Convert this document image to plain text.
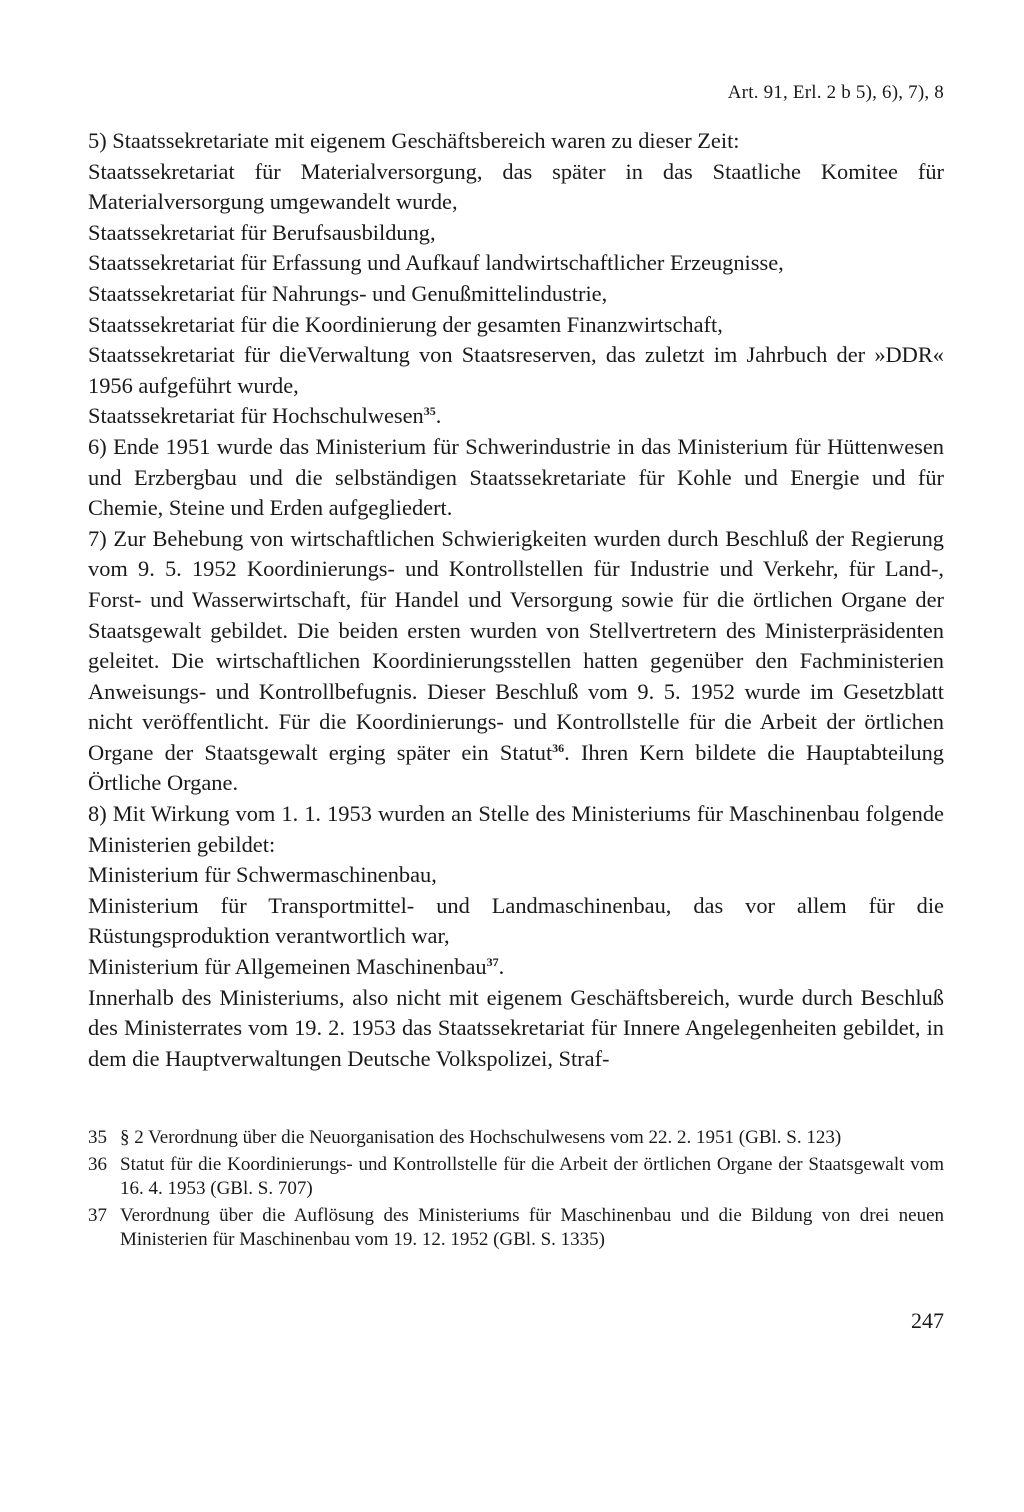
Art. 91, Erl. 2 b 5), 6), 7), 8

5) Staatssekretariate mit eigenem Geschäftsbereich waren zu dieser Zeit:

Staatssekretariat für Materialversorgung, das später in das Staatliche Komitee für Materialversorgung umgewandelt wurde,

Staatssekretariat für Berufsausbildung,

Staatssekretariat für Erfassung und Aufkauf landwirtschaftlicher Erzeugnisse,

Staatssekretariat für Nahrungs- und Genußmittelindustrie,

Staatssekretariat für die Koordinierung der gesamten Finanzwirtschaft,

Staatssekretariat für dieVerwaltung von Staatsreserven, das zuletzt im Jahrbuch der »DDR« 1956 aufgeführt wurde,

Staatssekretariat für Hochschulwesen$^{35}$.

6) Ende 1951 wurde das Ministerium für Schwerindustrie in das Ministerium für Hüttenwesen und Erzbergbau und die selbständigen Staatssekretariate für Kohle und Energie und für Chemie, Steine und Erden aufgegliedert.

7) Zur Behebung von wirtschaftlichen Schwierigkeiten wurden durch Beschluß der Regierung vom 9. 5. 1952 Koordinierungs- und Kontrollstellen für Industrie und Verkehr, für Land-, Forst- und Wasserwirtschaft, für Handel und Versorgung sowie für die örtlichen Organe der Staatsgewalt gebildet. Die beiden ersten wurden von Stellvertretern des Ministerpräsidenten geleitet. Die wirtschaftlichen Koordinierungsstellen hatten gegenüber den Fachministerien Anweisungs- und Kontrollbefugnis. Dieser Beschluß vom 9. 5. 1952 wurde im Gesetzblatt nicht veröffentlicht. Für die Koordinierungs- und Kontrollstelle für die Arbeit der örtlichen Organe der Staatsgewalt erging später ein Statut$^{36}$. Ihren Kern bildete die Hauptabteilung Örtliche Organe.

8) Mit Wirkung vom 1. 1. 1953 wurden an Stelle des Ministeriums für Maschinenbau folgende Ministerien gebildet:

Ministerium für Schwermaschinenbau,

Ministerium für Transportmittel- und Landmaschinenbau, das vor allem für die Rüstungsproduktion verantwortlich war,

Ministerium für Allgemeinen Maschinenbau$^{37}$.

Innerhalb des Ministeriums, also nicht mit eigenem Geschäftsbereich, wurde durch Beschluß des Ministerrates vom 19. 2. 1953 das Staatssekretariat für Innere Angelegenheiten gebildet, in dem die Hauptverwaltungen Deutsche Volkspolizei, Straf-

35 § 2 Verordnung über die Neuorganisation des Hochschulwesens vom 22. 2. 1951 (GBl. S. 123)

36 Statut für die Koordinierungs- und Kontrollstelle für die Arbeit der örtlichen Organe der Staatsgewalt vom 16. 4. 1953 (GBl. S. 707)

37 Verordnung über die Auflösung des Ministeriums für Maschinenbau und die Bildung von drei neuen Ministerien für Maschinenbau vom 19. 12. 1952 (GBl. S. 1335)

247
